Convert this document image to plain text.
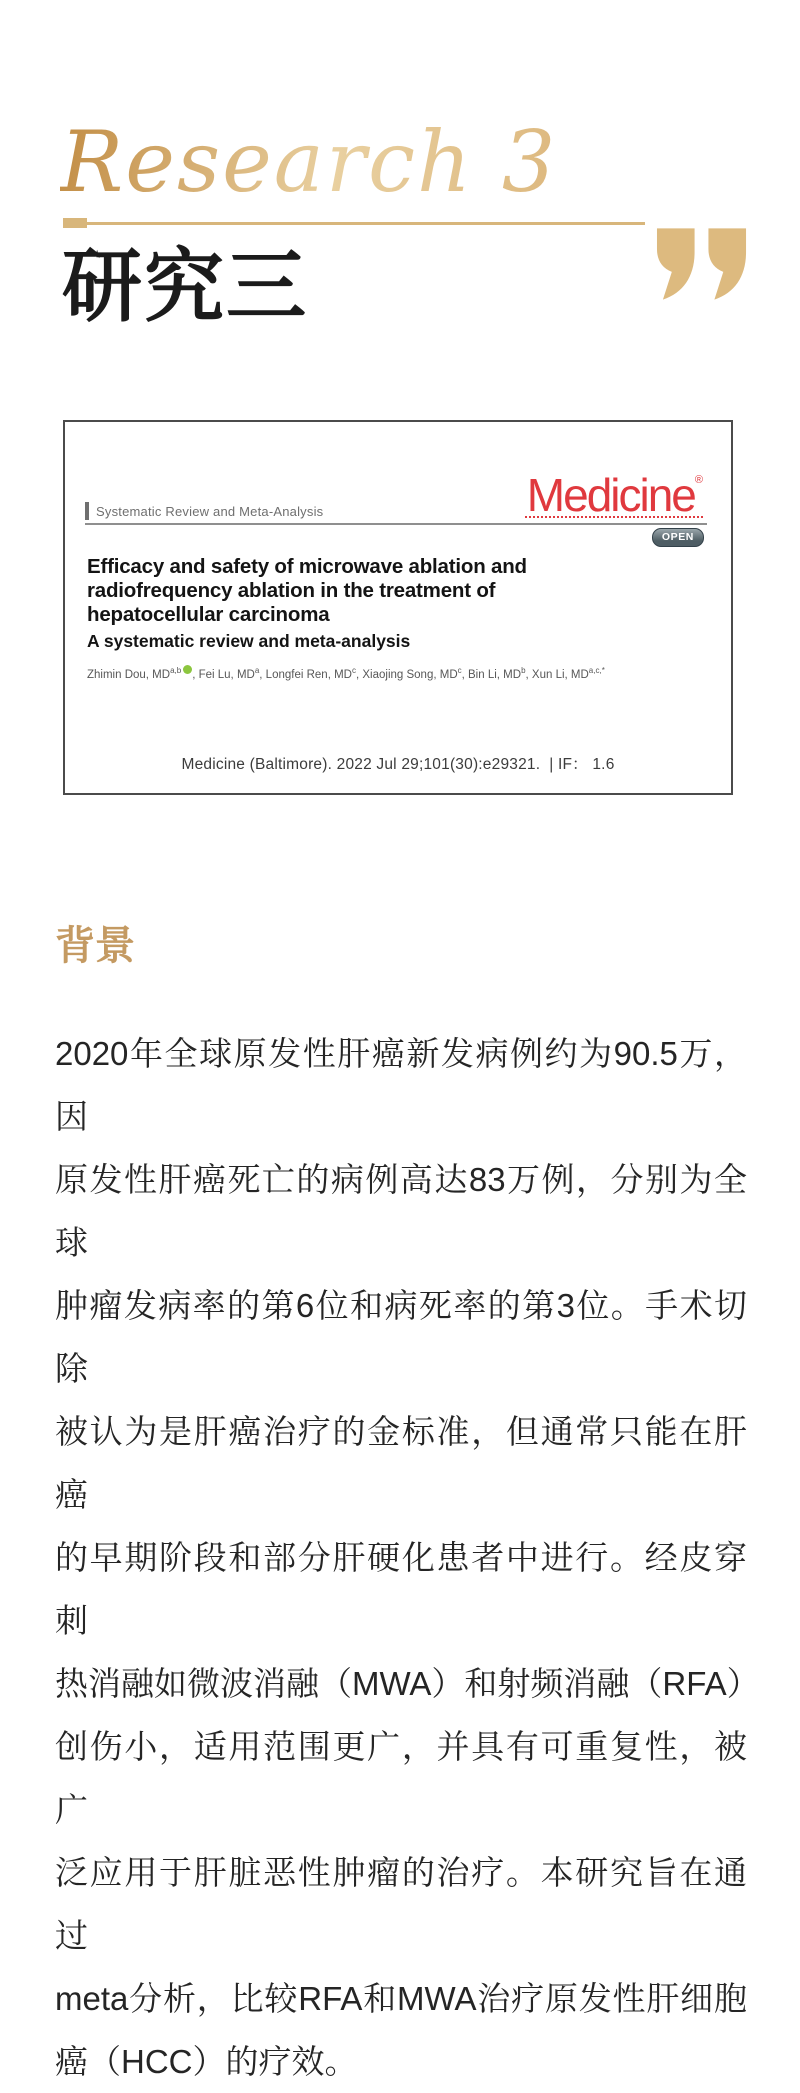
Research 3
研究三
Medicine®
Systematic Review and Meta-Analysis
OPEN
Efficacy and safety of microwave ablation and
radiofrequency ablation in the treatment of
hepatocellular carcinoma
A systematic review and meta-analysis
Zhimin Dou, MD$^{a,b}$ , Fei Lu, $MD^a$, Longfei Ren, $MD^c$, Xiaojing Song, $MD^c$, Bin Li, $MD^b$, Xun Li, $MD^{a,c,*}$
Medicine (Baltimore). 2022 Jul 29;101(30):e29321.  | IF： 1.6
背景
2020年全球原发性肝癌新发病例约为90.5万，因
原发性肝癌死亡的病例高达83万例，分别为全球
肿瘤发病率的第6位和病死率的第3位。手术切除
被认为是肝癌治疗的金标准，但通常只能在肝癌
的早期阶段和部分肝硬化患者中进行。经皮穿刺
热消融如微波消融（MWA）和射频消融（RFA）
创伤小，适用范围更广，并具有可重复性，被广
泛应用于肝脏恶性肿瘤的治疗。本研究旨在通过
meta分析，比较RFA和MWA治疗原发性肝细胞
癌（HCC）的疗效。
